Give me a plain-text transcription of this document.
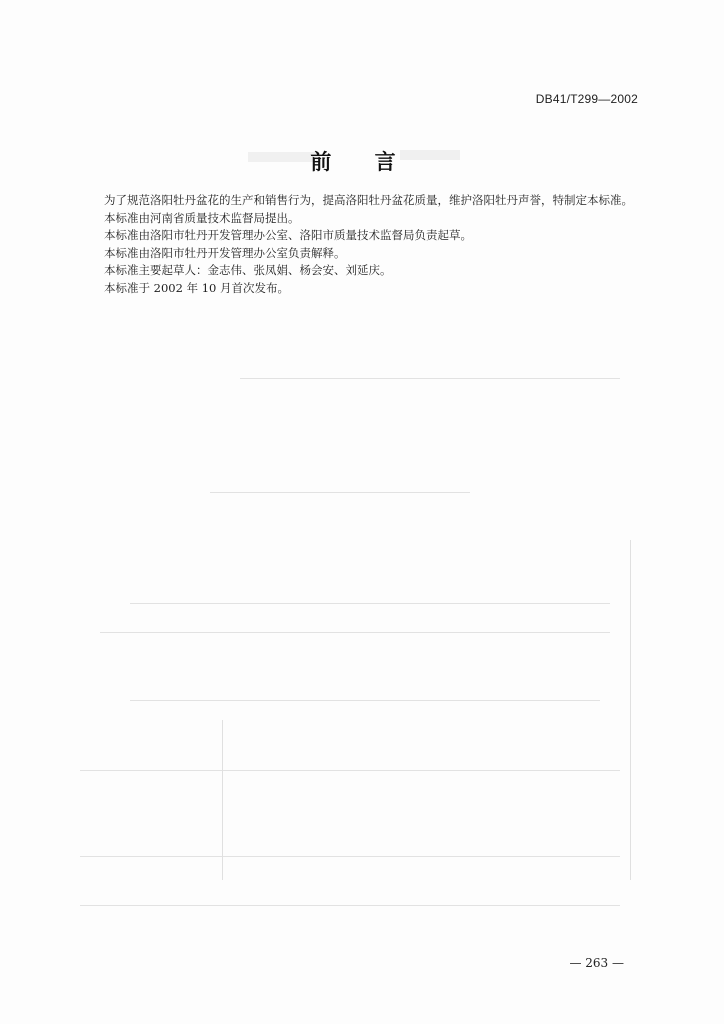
DB41/T299—2002
前 言

为了规范洛阳牡丹盆花的生产和销售行为，提高洛阳牡丹盆花质量，维护洛阳牡丹声誉，特制定本标准。

本标准由河南省质量技术监督局提出。

本标准由洛阳市牡丹开发管理办公室、洛阳市质量技术监督局负责起草。

本标准由洛阳市牡丹开发管理办公室负责解释。

本标准主要起草人：金志伟、张凤娟、杨会安、刘延庆。

本标准于 2002 年 10 月首次发布。

— 263 —
